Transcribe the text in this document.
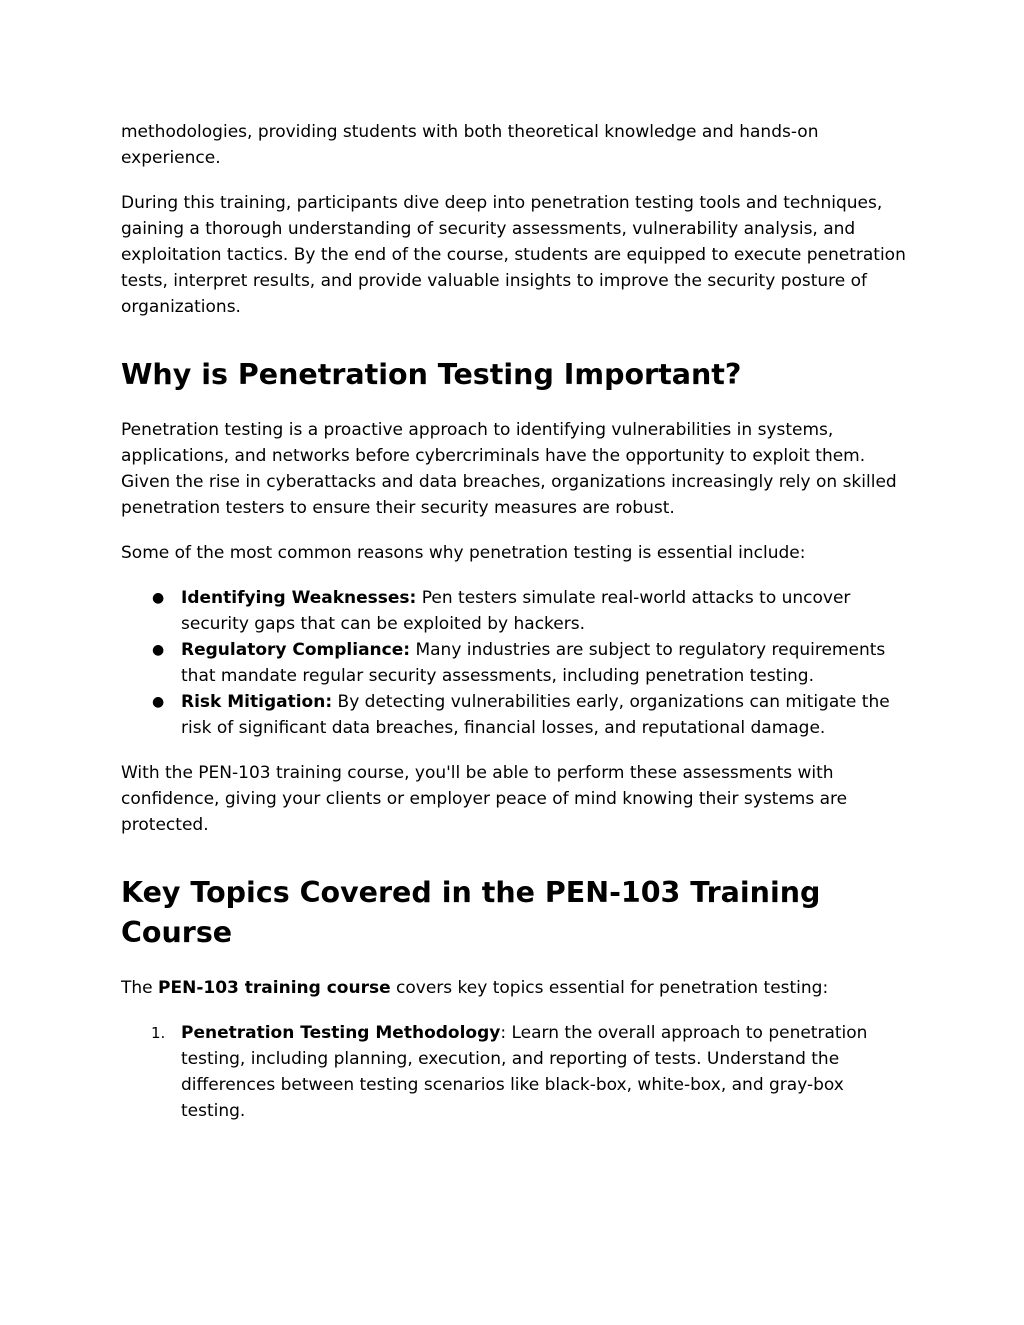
methodologies, providing students with both theoretical knowledge and hands-on experience.

During this training, participants dive deep into penetration testing tools and techniques, gaining a thorough understanding of security assessments, vulnerability analysis, and exploitation tactics. By the end of the course, students are equipped to execute penetration tests, interpret results, and provide valuable insights to improve the security posture of organizations.

Why is Penetration Testing Important?

Penetration testing is a proactive approach to identifying vulnerabilities in systems, applications, and networks before cybercriminals have the opportunity to exploit them. Given the rise in cyberattacks and data breaches, organizations increasingly rely on skilled penetration testers to ensure their security measures are robust.

Some of the most common reasons why penetration testing is essential include:

● Identifying Weaknesses: Pen testers simulate real-world attacks to uncover security gaps that can be exploited by hackers.
● Regulatory Compliance: Many industries are subject to regulatory requirements that mandate regular security assessments, including penetration testing.
● Risk Mitigation: By detecting vulnerabilities early, organizations can mitigate the risk of significant data breaches, financial losses, and reputational damage.

With the PEN-103 training course, you'll be able to perform these assessments with confidence, giving your clients or employer peace of mind knowing their systems are protected.

Key Topics Covered in the PEN-103 Training Course

The PEN-103 training course covers key topics essential for penetration testing:

1. Penetration Testing Methodology: Learn the overall approach to penetration testing, including planning, execution, and reporting of tests. Understand the differences between testing scenarios like black-box, white-box, and gray-box testing.
